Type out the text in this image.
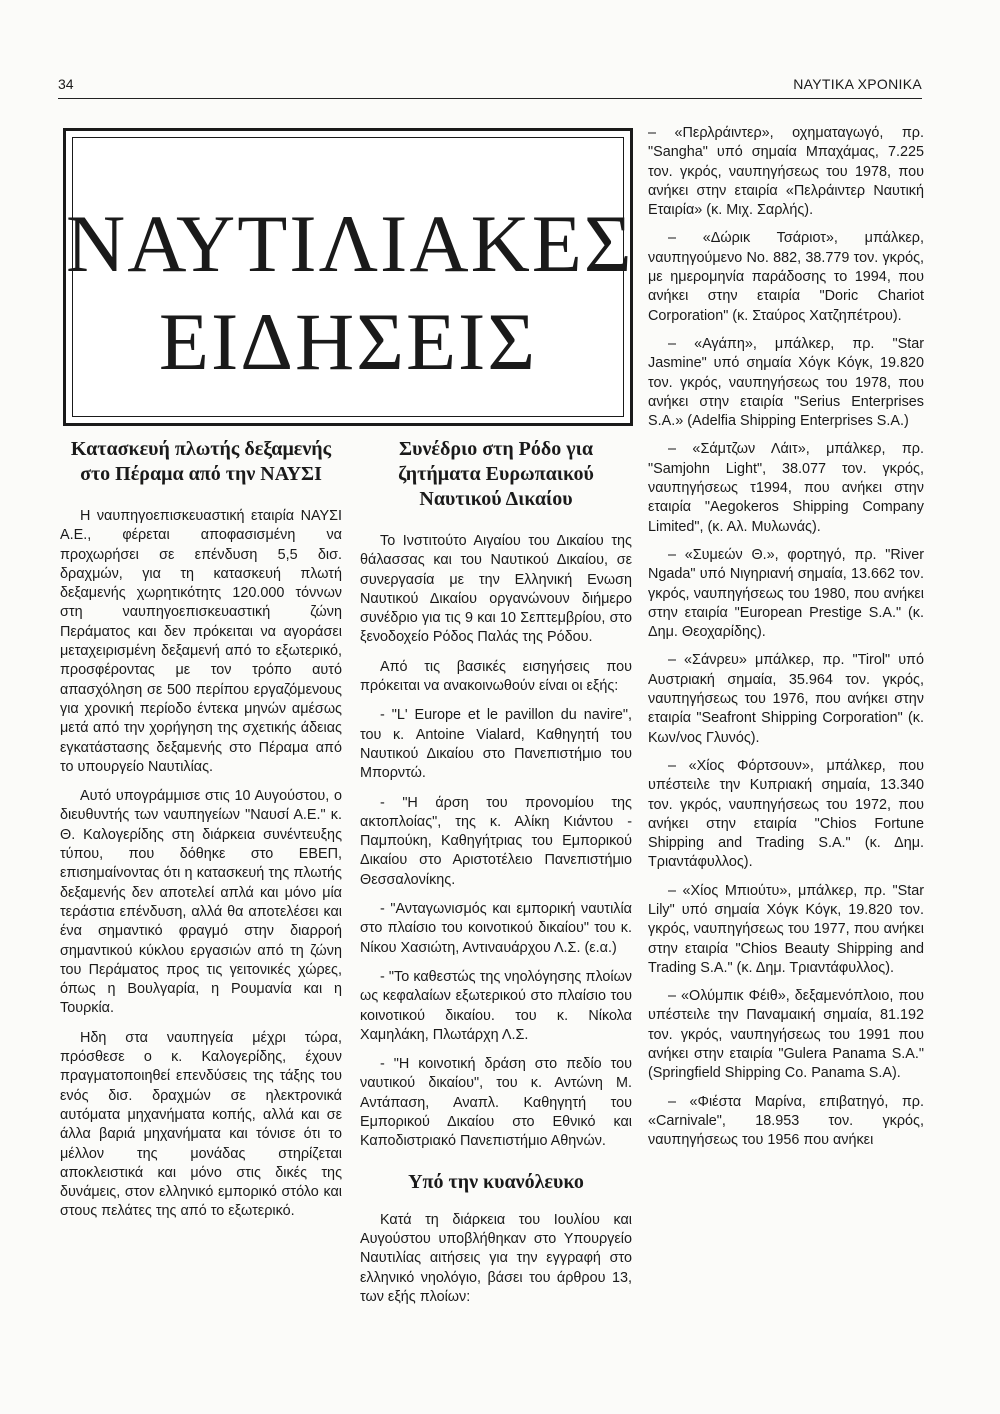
34	ΝΑΥΤΙΚΑ ΧΡΟΝΙΚΑ
ΝΑΥΤΙΛΙΑΚΕΣ
ΕΙΔΗΣΕΙΣ
Κατασκευή πλωτής δεξαμενής στο Πέραμα από την ΝΑΥΣΙ

Η ναυπηγοεπισκευαστική εταιρία ΝΑΥΣΙ Α.Ε., φέρεται αποφασισμένη να προχωρήσει σε επένδυση 5,5 δισ. δραχμών, για τη κατασκευή πλωτή δεξαμενής χωρητικότητς 120.000 τόννων στη ναυπηγοεπισκευαστική ζώνη Περάματος και δεν πρόκειται να αγοράσει μεταχειρισμένη δεξαμενή από το εξωτερικό, προσφέροντας με τον τρόπο αυτό απασχόληση σε 500 περίπου εργαζόμενους για χρονική περίοδο έντεκα μηνών αμέσως μετά από την χορήγηση της σχετικής άδειας εγκατάστασης δεξαμενής στο Πέραμα από το υπουργείο Ναυτιλίας.

Αυτό υπογράμμισε στις 10 Αυγούστου, ο διευθυντής των ναυπηγείων "Ναυσί Α.Ε." κ. Θ. Καλογερίδης στη διάρκεια συνέντευξης τύπου, που δόθηκε στο ΕΒΕΠ, επισημαίνοντας ότι η κατασκευή της πλωτής δεξαμενής δεν αποτελεί απλά και μόνο μία τεράστια επένδυση, αλλά θα αποτελέσει και ένα σημαντικό φραγμό στην διαρροή σημαντικού κύκλου εργασιών από τη ζώνη του Περάματος προς τις γειτονικές χώρες, όπως η Βουλγαρία, η Ρουμανία και η Τουρκία.

Ηδη στα ναυπηγεία μέχρι τώρα, πρόσθεσε ο κ. Καλογερίδης, έχουν πραγματοποιηθεί επενδύσεις της τάξης του ενός δισ. δραχμών σε ηλεκτρονικά αυτόματα μηχανήματα κοπής, αλλά και σε άλλα βαριά μηχανήματα και τόνισε ότι το μέλλον της μονάδας στηρίζεται αποκλειστικά και μόνο στις δικές της δυνάμεις, στον ελληνικό εμπορικό στόλο και στους πελάτες της από το εξωτερικό.

Συνέδριο στη Ρόδο για ζητήματα Ευρωπαικού Ναυτικού Δικαίου

Το Ινστιτούτο Αιγαίου του Δικαίου της θάλασσας και του Ναυτικού Δικαίου, σε συνεργασία με την Ελληνική Ενωση Ναυτικού Δικαίου οργανώνουν διήμερο συνέδριο για τις 9 και 10 Σεπτεμβρίου, στο ξενοδοχείο Ρόδος Παλάς της Ρόδου.

Από τις βασικές εισηγήσεις που πρόκειται να ανακοινωθούν είναι οι εξής:

- "L' Europe et le pavillon du navire", του κ. Antoine Vialard, Καθηγητή του Ναυτικού Δικαίου στο Πανεπιστήμιο του Μπορντώ.

- "Η άρση του προνομίου της ακτοπλοίας", της κ. Αλίκη Κιάντου - Παμπούκη, Καθηγήτριας του Εμπορικού Δικαίου στο Αριστοτέλειο Πανεπιστήμιο Θεσσαλονίκης.

- "Ανταγωνισμός και εμπορική ναυτιλία στο πλαίσιο του κοινοτικού δικαίου" του κ. Νίκου Χασιώτη, Αντιναυάρχου Λ.Σ. (ε.α.)

- "Το καθεστώς της νηολόγησης πλοίων ως κεφαλαίων εξωτερικού στο πλαίσιο του κοινοτικού δικαίου. του κ. Νίκολα Χαμηλάκη, Πλωτάρχη Λ.Σ.

- "Η κοινοτική δράση στο πεδίο του ναυτικού δικαίου", του κ. Αντώνη Μ. Αντάπαση, Αναπλ. Καθηγητή του Εμπορικού Δικαίου στο Εθνικό και Καποδιστριακό Πανεπιστήμιο Αθηνών.

Υπό την κυανόλευκο

Κατά τη διάρκεια του Ιουλίου και Αυγούστου υποβλήθηκαν στο Υπουργείο Ναυτιλίας αιτήσεις για την εγγραφή στο ελληνικό νηολόγιο, βάσει του άρθρου 13, των εξής πλοίων:

– «Περλράιντερ», οχηματαγωγό, πρ. "Sangha" υπό σημαία Μπαχάμας, 7.225 τον. γκρός, ναυπηγήσεως του 1978, που ανήκει στην εταιρία «Πελράιντερ Ναυτική Εταιρία» (κ. Μιχ. Σαρλής).

– «Δώρικ Τσάριοτ», μπάλκερ, ναυπηγούμενο Νο. 882, 38.779 τον. γκρός, με ημερομηνία παράδοσης το 1994, που ανήκει στην εταιρία "Doric Chariot Corporation" (κ. Σταύρος Χατζηπέτρου).

– «Αγάπη», μπάλκερ, πρ. "Star Jasmine" υπό σημαία Χόγκ Κόγκ, 19.820 τον. γκρός, ναυπηγήσεως του 1978, που ανήκει στην εταιρία "Serius Enterprises S.A.» (Adelfia Shipping Enterprises S.A.)

– «Σάμτζων Λάιτ», μπάλκερ, πρ. "Samjohn Light", 38.077 τον. γκρός, ναυπηγήσεως τ1994, που ανήκει στην εταιρία "Aegokeros Shipping Company Limited", (κ. Αλ. Μυλωνάς).

– «Συμεών Θ.», φορτηγό, πρ. "River Ngada" υπό Νιγηριανή σημαία, 13.662 τον. γκρός, ναυπηγήσεως του 1980, που ανήκει στην εταιρία "European Prestige S.A." (κ. Δημ. Θεοχαρίδης).

– «Σάνρευ» μπάλκερ, πρ. "Tirol" υπό Αυστριακή σημαία, 35.964 τον. γκρός, ναυπηγήσεως του 1976, που ανήκει στην εταιρία "Seafront Shipping Corporation" (κ. Κων/νος Γλυνός).

– «Χίος Φόρτσουν», μπάλκερ, που υπέστειλε την Κυπριακή σημαία, 13.340 τον. γκρός, ναυπηγήσεως του 1972, που ανήκει στην εταιρία "Chios Fortune Shipping and Trading S.A." (κ. Δημ. Τριαντάφυλλος).

– «Χίος Μπιούτυ», μπάλκερ, πρ. "Star Lily" υπό σημαία Χόγκ Κόγκ, 19.820 τον. γκρός, ναυπηγήσεως του 1977, που ανήκει στην εταιρία "Chios Beauty Shipping and Trading S.A." (κ. Δημ. Τριαντάφυλλος).

– «Ολύμπικ Φέιθ», δεξαμενόπλοιο, που υπέστειλε την Παναμαική σημαία, 81.192 τον. γκρός, ναυπηγήσεως του 1991 που ανήκει στην εταιρία "Gulera Panama S.A." (Springfield Shipping Co. Panama S.A).

– «Φιέστα Μαρίνα, επιβατηγό, πρ. «Carnivale", 18.953 τον. γκρός, ναυπηγήσεως του 1956 που ανήκει
